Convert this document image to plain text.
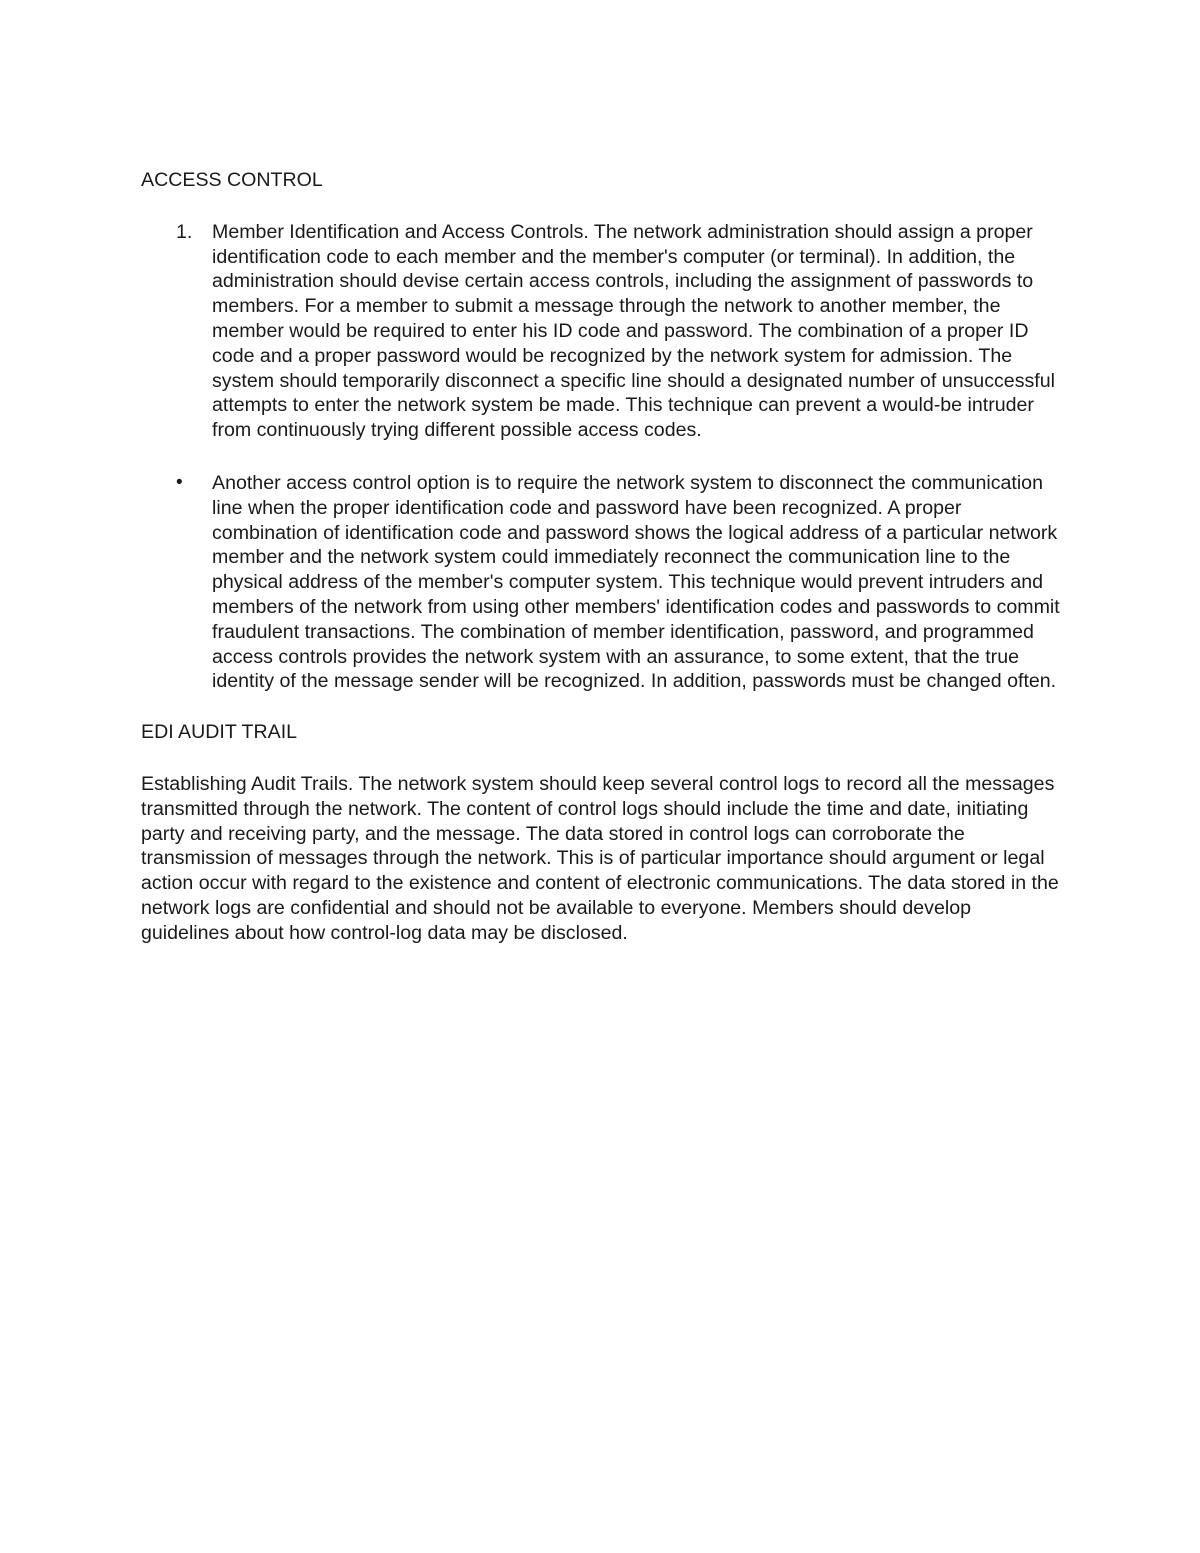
ACCESS CONTROL
1. Member Identification and Access Controls. The network administration should assign a proper identification code to each member and the member's computer (or terminal). In addition, the administration should devise certain access controls, including the assignment of passwords to members. For a member to submit a message through the network to another member, the member would be required to enter his ID code and password. The combination of a proper ID code and a proper password would be recognized by the network system for admission. The system should temporarily disconnect a specific line should a designated number of unsuccessful attempts to enter the network system be made. This technique can prevent a would-be intruder from continuously trying different possible access codes.

• Another access control option is to require the network system to disconnect the communication line when the proper identification code and password have been recognized. A proper combination of identification code and password shows the logical address of a particular network member and the network system could immediately reconnect the communication line to the physical address of the member's computer system. This technique would prevent intruders and members of the network from using other members' identification codes and passwords to commit fraudulent transactions. The combination of member identification, password, and programmed access controls provides the network system with an assurance, to some extent, that the true identity of the message sender will be recognized. In addition, passwords must be changed often.

EDI AUDIT TRAIL

Establishing Audit Trails. The network system should keep several control logs to record all the messages transmitted through the network. The content of control logs should include the time and date, initiating party and receiving party, and the message. The data stored in control logs can corroborate the transmission of messages through the network. This is of particular importance should argument or legal action occur with regard to the existence and content of electronic communications. The data stored in the network logs are confidential and should not be available to everyone. Members should develop guidelines about how control-log data may be disclosed.
